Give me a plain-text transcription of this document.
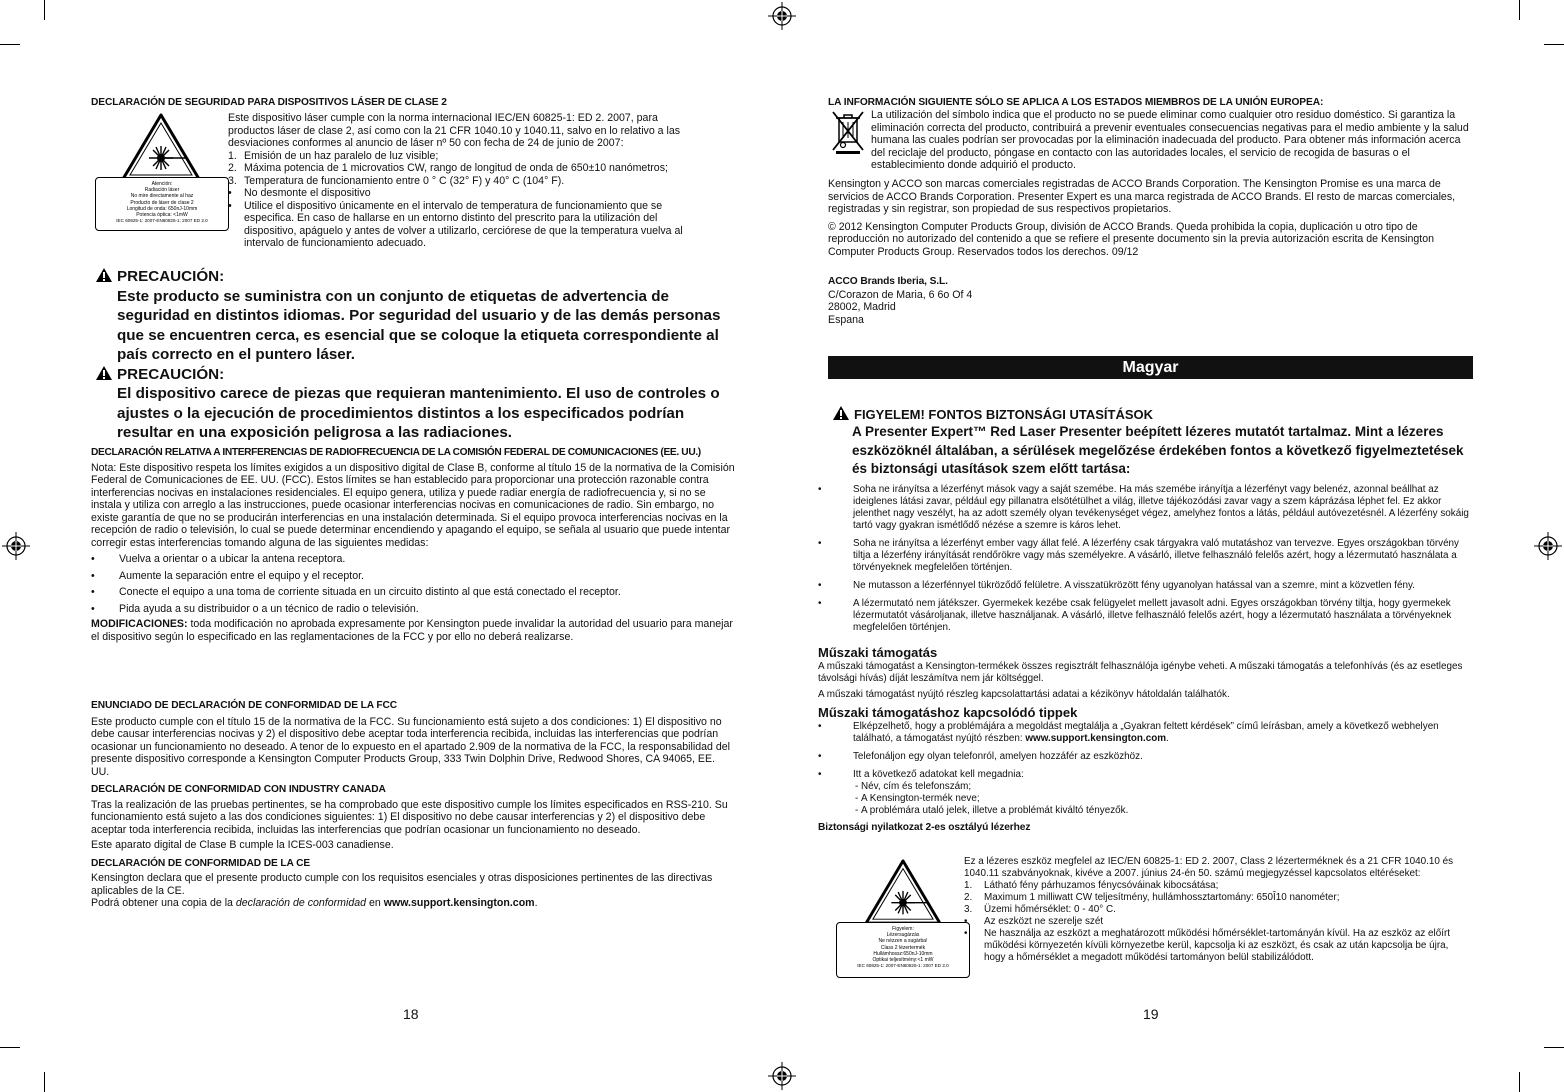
DECLARACIÓN DE SEGURIDAD PARA DISPOSITIVOS LÁSER DE CLASE 2

Atención:
Radiación láser
No mire directamente al haz
Producto de láser de clase 2
Longitud de onda: 650nJ-10mm
Potencia óptica: <1mW
IEC 60825-1: 2007-EN60825-1: 2007 ED 2.0

Este dispositivo láser cumple con la norma internacional IEC/EN 60825-1: ED 2. 2007, para productos láser de clase 2, así como con la 21 CFR 1040.10 y 1040.11, salvo en lo relativo a las desviaciones conformes al anuncio de láser nº 50 con fecha de 24 de junio de 2007:

1. Emisión de un haz paralelo de luz visible;
2. Máxima potencia de 1 microvatios CW, rango de longitud de onda de 650±10 nanómetros;
3. Temperatura de funcionamiento entre 0 ° C (32° F) y 40° C (104° F).
• No desmonte el dispositivo
• Utilice el dispositivo únicamente en el intervalo de temperatura de funcionamiento que se especifica. En caso de hallarse en un entorno distinto del prescrito para la utilización del dispositivo, apáguelo y antes de volver a utilizarlo, cerciórese de que la temperatura vuelva al intervalo de funcionamiento adecuado.
PRECAUCIÓN:

Este producto se suministra con un conjunto de etiquetas de advertencia de seguridad en distintos idiomas. Por seguridad del usuario y de las demás personas que se encuentren cerca, es esencial que se coloque la etiqueta correspondiente al país correcto en el puntero láser.

PRECAUCIÓN:

El dispositivo carece de piezas que requieran mantenimiento. El uso de controles o ajustes o la ejecución de procedimientos distintos a los especificados podrían resultar en una exposición peligrosa a las radiaciones.

DECLARACIÓN RELATIVA A INTERFERENCIAS DE RADIOFRECUENCIA DE LA COMISIÓN FEDERAL DE COMUNICACIONES (EE. UU.)

Nota: Este dispositivo respeta los límites exigidos a un dispositivo digital de Clase B, conforme al título 15 de la normativa de la Comisión Federal de Comunicaciones de EE. UU. (FCC). Estos límites se han establecido para proporcionar una protección razonable contra interferencias nocivas en instalaciones residenciales. El equipo genera, utiliza y puede radiar energía de radiofrecuencia y, si no se instala y utiliza con arreglo a las instrucciones, puede ocasionar interferencias nocivas en comunicaciones de radio. Sin embargo, no existe garantía de que no se producirán interferencias en una instalación determinada. Si el equipo provoca interferencias nocivas en la recepción de radio o televisión, lo cual se puede determinar encendiendo y apagando el equipo, se señala al usuario que puede intentar corregir estas interferencias tomando alguna de las siguientes medidas:

• Vuelva a orientar o a ubicar la antena receptora.
• Aumente la separación entre el equipo y el receptor.
• Conecte el equipo a una toma de corriente situada en un circuito distinto al que está conectado el receptor.
• Pida ayuda a su distribuidor o a un técnico de radio o televisión.

MODIFICACIONES: toda modificación no aprobada expresamente por Kensington puede invalidar la autoridad del usuario para manejar el dispositivo según lo especificado en las reglamentaciones de la FCC y por ello no deberá realizarse.

ENUNCIADO DE DECLARACIÓN DE CONFORMIDAD DE LA FCC

Este producto cumple con el título 15 de la normativa de la FCC. Su funcionamiento está sujeto a dos condiciones: 1) El dispositivo no debe causar interferencias nocivas y 2) el dispositivo debe aceptar toda interferencia recibida, incluidas las interferencias que podrían ocasionar un funcionamiento no deseado. A tenor de lo expuesto en el apartado 2.909 de la normativa de la FCC, la responsabilidad del presente dispositivo corresponde a Kensington Computer Products Group, 333 Twin Dolphin Drive, Redwood Shores, CA 94065, EE. UU.

DECLARACIÓN DE CONFORMIDAD CON INDUSTRY CANADA

Tras la realización de las pruebas pertinentes, se ha comprobado que este dispositivo cumple los límites especificados en RSS-210. Su funcionamiento está sujeto a las dos condiciones siguientes: 1) El dispositivo no debe causar interferencias y 2) el dispositivo debe aceptar toda interferencia recibida, incluidas las interferencias que podrían ocasionar un funcionamiento no deseado.

Este aparato digital de Clase B cumple la ICES-003 canadiense.

DECLARACIÓN DE CONFORMIDAD DE LA CE

Kensington declara que el presente producto cumple con los requisitos esenciales y otras disposiciones pertinentes de las directivas aplicables de la CE.

Podrá obtener una copia de la declaración de conformidad en www.support.kensington.com.

18

LA INFORMACIÓN SIGUIENTE SÓLO SE APLICA A LOS ESTADOS MIEMBROS DE LA UNIÓN EUROPEA:

La utilización del símbolo indica que el producto no se puede eliminar como cualquier otro residuo doméstico. Si garantiza la eliminación correcta del producto, contribuirá a prevenir eventuales consecuencias negativas para el medio ambiente y la salud humana las cuales podrían ser provocadas por la eliminación inadecuada del producto. Para obtener más información acerca del reciclaje del producto, póngase en contacto con las autoridades locales, el servicio de recogida de basuras o el establecimiento donde adquirió el producto.

Kensington y ACCO son marcas comerciales registradas de ACCO Brands Corporation. The Kensington Promise es una marca de servicios de ACCO Brands Corporation. Presenter Expert es una marca registrada de ACCO Brands. El resto de marcas comerciales, registradas y sin registrar, son propiedad de sus respectivos propietarios.

© 2012 Kensington Computer Products Group, división de ACCO Brands. Queda prohibida la copia, duplicación u otro tipo de reproducción no autorizado del contenido a que se refiere el presente documento sin la previa autorización escrita de Kensington Computer Products Group. Reservados todos los derechos. 09/12

ACCO Brands Iberia, S.L.

C/Corazon de Maria, 6 6o Of 4

28002, Madrid

Espana

Magyar
FIGYELEM! FONTOS BIZTONSÁGI UTASÍTÁSOK

A Presenter Expert™ Red Laser Presenter beépített lézeres mutatót tartalmaz. Mint a lézeres eszközöknél általában, a sérülések megelőzése érdekében fontos a következő figyelmeztetések és biztonsági utasítások szem előtt tartása:

•	Soha ne irányítsa a lézerfényt mások vagy a saját szemébe. Ha más szemébe irányítja a lézerfényt vagy belenéz, azonnal beállhat az ideiglenes látási zavar, például egy pillanatra elsötétülhet a világ, illetve tájékozódási zavar vagy a szem káprázása léphet fel. Ez akkor jelenthet nagy veszélyt, ha az adott személy olyan tevékenységet végez, amelyhez fontos a látás, például autóvezetésnél. A lézerfény sokáig tartó vagy gyakran ismétlődő nézése a szemre is káros lehet.
•	Soha ne irányítsa a lézerfényt ember vagy állat felé. A lézerfény csak tárgyakra való mutatáshoz van tervezve. Egyes országokban törvény tiltja a lézerfény irányítását rendőrökre vagy más személyekre. A vásárló, illetve felhasználó felelős azért, hogy a lézermutató használata a törvényeknek megfelelően történjen.
•	Ne mutasson a lézerfénnyel tükröződő felületre. A visszatükrözött fény ugyanolyan hatással van a szemre, mint a közvetlen fény.
•	A lézermutató nem játékszer. Gyermekek kezébe csak felügyelet mellett javasolt adni. Egyes országokban törvény tiltja, hogy gyermekek lézermutatót vásároljanak, illetve használjanak. A vásárló, illetve felhasználó felelős azért, hogy a lézermutató használata a törvényeknek megfelelően történjen.

Műszaki támogatás

A műszaki támogatást a Kensington-termékek összes regisztrált felhasználója igénybe veheti. A műszaki támogatás a telefonhívás (és az esetleges távolsági hívás) díját leszámítva nem jár költséggel.

A műszaki támogatást nyújtó részleg kapcsolattartási adatai a kézikönyv hátoldalán találhatók.

Műszaki támogatáshoz kapcsolódó tippek

•	Elképzelhető, hogy a problémájára a megoldást megtalálja a „Gyakran feltett kérdések” című leírásban, amely a következő webhelyen található, a támogatást nyújtó részben: www.support.kensington.com.
•	Telefonáljon egy olyan telefonról, amelyen hozzáfér az eszközhöz.
•	Itt a következő adatokat kell megadnia:
- Név, cím és telefonszám;
- A Kensington-termék neve;
- A problémára utaló jelek, illetve a problémát kiváltó tényezők.

Biztonsági nyilatkozat 2-es osztályú lézerhez

Figyelem:
Lézersugárzás
Ne nézzen a sugárba!
Class 2 lézertermék
Hullámhossz:650nJ-10mm
Optikai teljesítmény:<1 mW
IEC 60825-1: 2007-EN60825-1: 2007 ED 2.0

Ez a lézeres eszköz megfelel az IEC/EN 60825-1: ED 2. 2007, Class 2 lézerterméknek és a 21 CFR 1040.10 és 1040.11 szabványoknak, kivéve a 2007. június 24-én 50. számú megjegyzéssel kapcsolatos eltéréseket:

1. Látható fény párhuzamos fénycsóváinak kibocsátása;
2. Maximum 1 milliwatt CW teljesítmény, hullámhossztartomány: 650Î10 nanométer;
3. Üzemi hőmérséklet: 0 - 40° C.
• Az eszközt ne szerelje szét
• Ne használja az eszközt a meghatározott működési hőmérséklet-tartományán kívül. Ha az eszköz az előírt működési környezetén kívüli környezetbe kerül, kapcsolja ki az eszközt, és csak az után kapcsolja be újra, hogy a hőmérséklet a megadott működési tartományon belül stabilizálódott.
19
